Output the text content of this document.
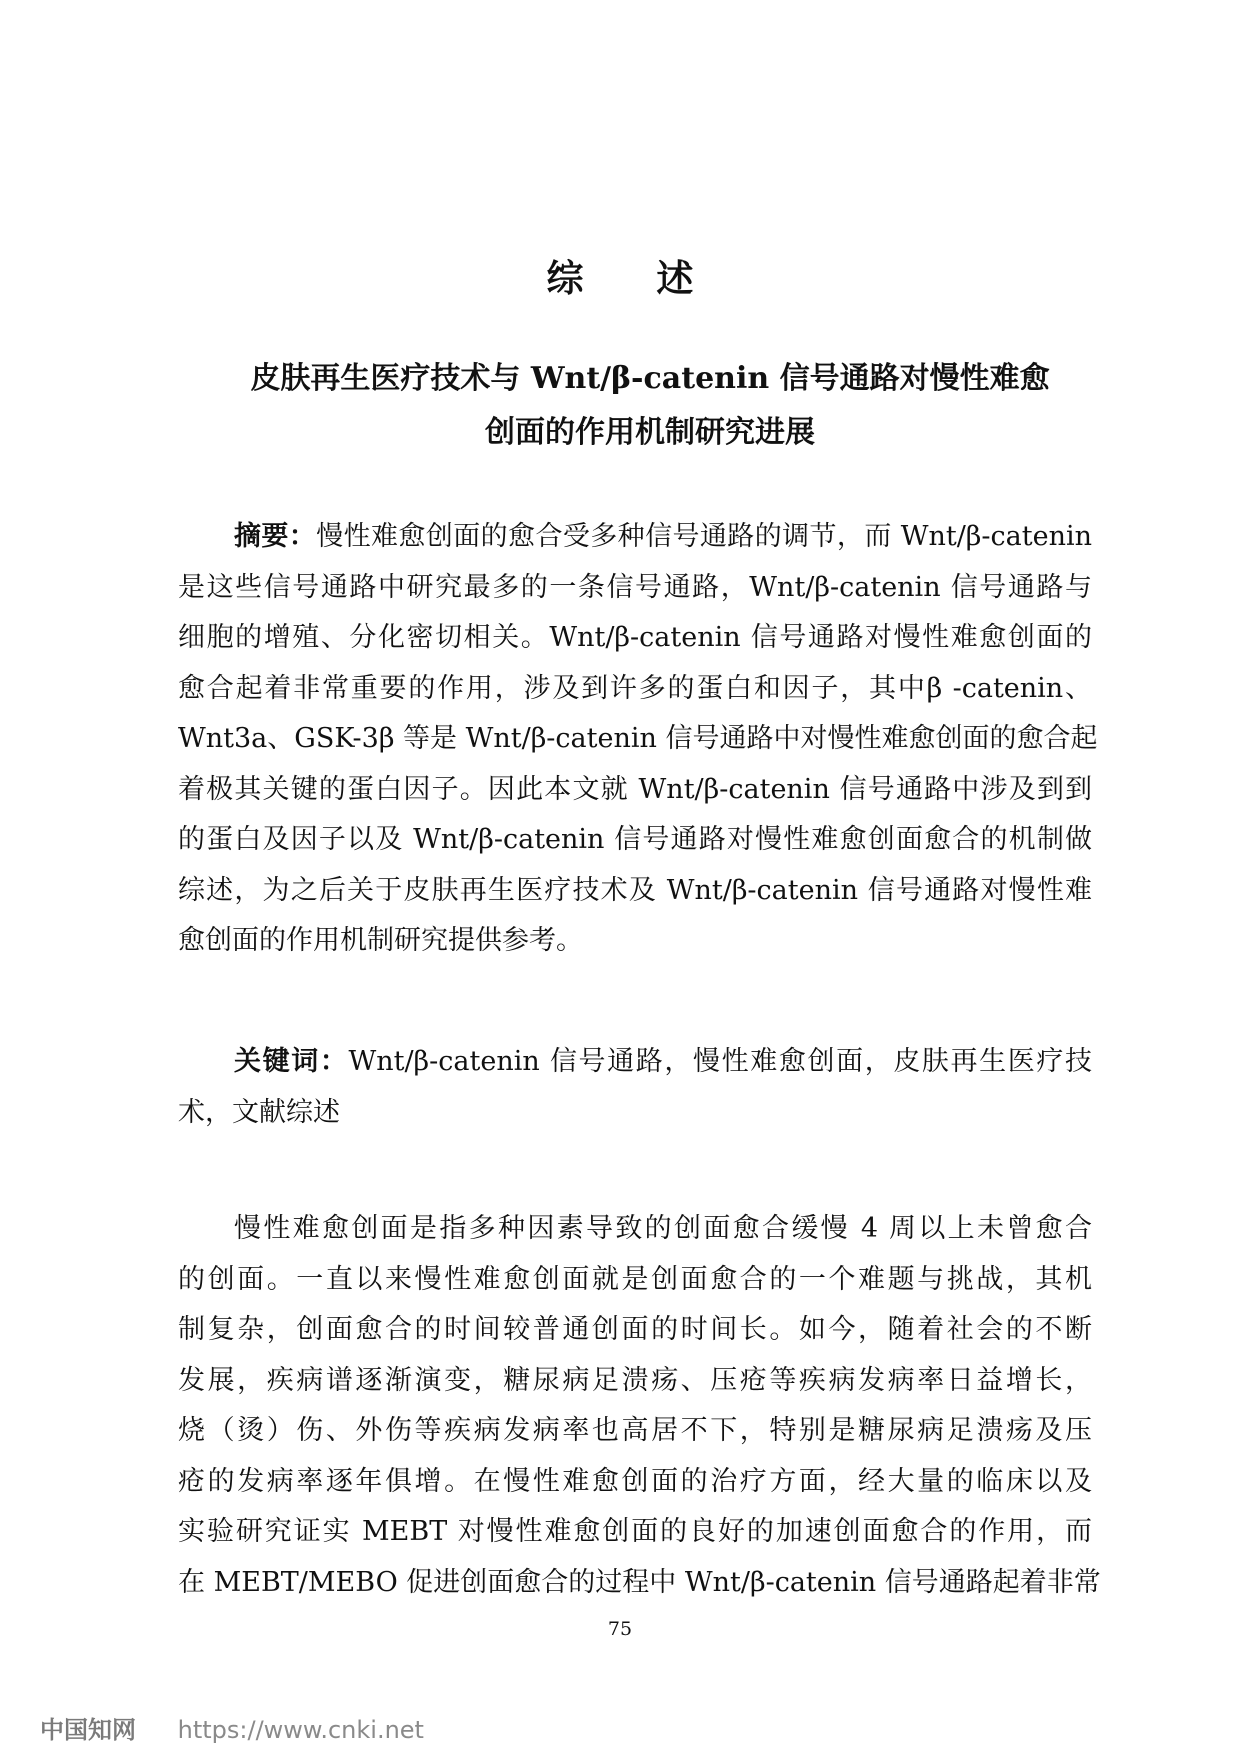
综 述
皮肤再生医疗技术与 Wnt/β-catenin 信号通路对慢性难愈
创面的作用机制研究进展
摘要：慢性难愈创面的愈合受多种信号通路的调节，而 Wnt/β-catenin
是这些信号通路中研究最多的一条信号通路，Wnt/β-catenin 信号通路与
细胞的增殖、分化密切相关。Wnt/β-catenin 信号通路对慢性难愈创面的
愈合起着非常重要的作用，涉及到许多的蛋白和因子，其中β -catenin、
Wnt3a、GSK-3β 等是 Wnt/β-catenin 信号通路中对慢性难愈创面的愈合起
着极其关键的蛋白因子。因此本文就 Wnt/β-catenin 信号通路中涉及到到
的蛋白及因子以及 Wnt/β-catenin 信号通路对慢性难愈创面愈合的机制做
综述，为之后关于皮肤再生医疗技术及 Wnt/β-catenin 信号通路对慢性难
愈创面的作用机制研究提供参考。
关键词：Wnt/β-catenin 信号通路，慢性难愈创面，皮肤再生医疗技
术，文献综述
慢性难愈创面是指多种因素导致的创面愈合缓慢 4 周以上未曾愈合
的创面。一直以来慢性难愈创面就是创面愈合的一个难题与挑战，其机
制复杂，创面愈合的时间较普通创面的时间长。如今，随着社会的不断
发展，疾病谱逐渐演变，糖尿病足溃疡、压疮等疾病发病率日益增长，
烧（烫）伤、外伤等疾病发病率也高居不下，特别是糖尿病足溃疡及压
疮的发病率逐年俱增。在慢性难愈创面的治疗方面，经大量的临床以及
实验研究证实 MEBT 对慢性难愈创面的良好的加速创面愈合的作用，而
在 MEBT/MEBO 促进创面愈合的过程中 Wnt/β-catenin 信号通路起着非常
75
中国知网 https://www.cnki.net
